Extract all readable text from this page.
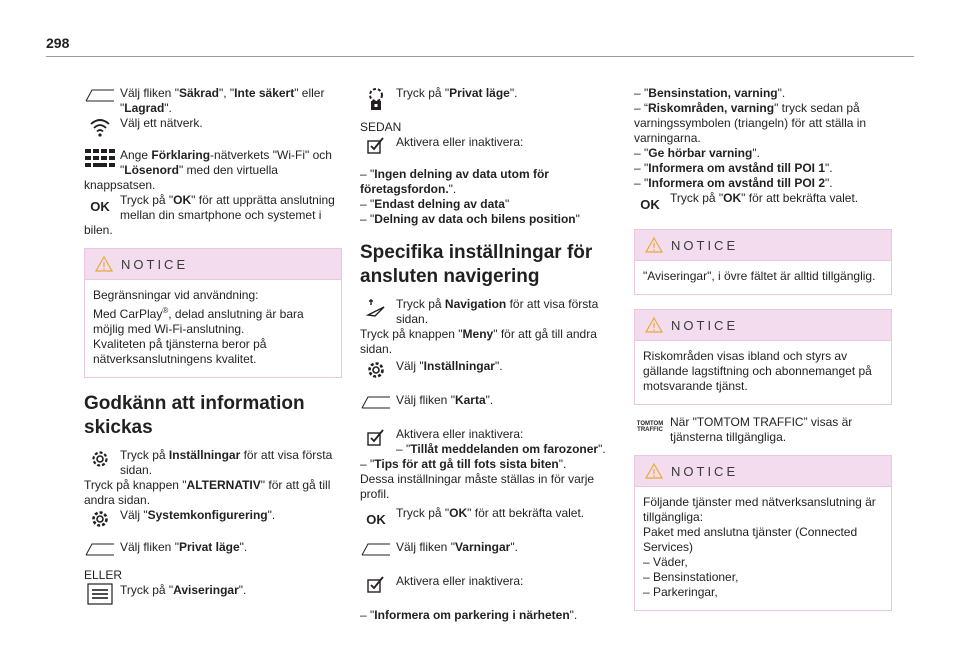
298
Välj fliken "Säkrad", "Inte säkert" eller "Lagrad".
Välj ett nätverk.
Ange Förklaring-nätverkets "Wi-Fi" och "Lösenord" med den virtuella
knappsatsen.
OK Tryck på "OK" för att upprätta anslutning mellan din smartphone och systemet i
bilen.
NOTICE
Begränsningar vid användning:
Med CarPlay®, delad anslutning är bara möjlig med Wi-Fi-anslutning.
Kvaliteten på tjänsterna beror på nätverksanslutningens kvalitet.

Godkänn att information
skickas

Tryck på Inställningar för att visa första sidan.
Tryck på knappen "ALTERNATIV" för att gå till andra sidan.
Välj "Systemkonfigurering".
Välj fliken "Privat läge".
ELLER
Tryck på "Aviseringar".
Tryck på "Privat läge".
SEDAN
Aktivera eller inaktivera:
– "Ingen delning av data utom för företagsfordon.".
– "Endast delning av data"
– "Delning av data och bilens position"

Specifika inställningar för
ansluten navigering

Tryck på Navigation för att visa första sidan.
Tryck på knappen "Meny" för att gå till andra sidan.
Välj "Inställningar".
Välj fliken "Karta".
Aktivera eller inaktivera:
– "Tillåt meddelanden om farozoner".
– "Tips för att gå till fots sista biten".
Dessa inställningar måste ställas in för varje profil.
OK Tryck på "OK" för att bekräfta valet.
Välj fliken "Varningar".
Aktivera eller inaktivera:
– "Informera om parkering i närheten".
– "Bensinstation, varning".
– “Riskområden, varning" tryck sedan på varningssymbolen (triangeln) för att ställa in varningarna.
– "Ge hörbar varning".
– "Informera om avstånd till POI 1".
– "Informera om avstånd till POI 2".
OK Tryck på "OK" för att bekräfta valet.
NOTICE
"Aviseringar", i övre fältet är alltid tillgänglig.
NOTICE
Riskområden visas ibland och styrs av gällande lagstiftning och abonnemanget på motsvarande tjänst.
TOMTOM
TRAFFIC
När "TOMTOM TRAFFIC” visas är tjänsterna tillgängliga.
NOTICE
Följande tjänster med nätverksanslutning är tillgängliga:
Paket med anslutna tjänster (Connected Services)
– Väder,
– Bensinstationer,
– Parkeringar,
